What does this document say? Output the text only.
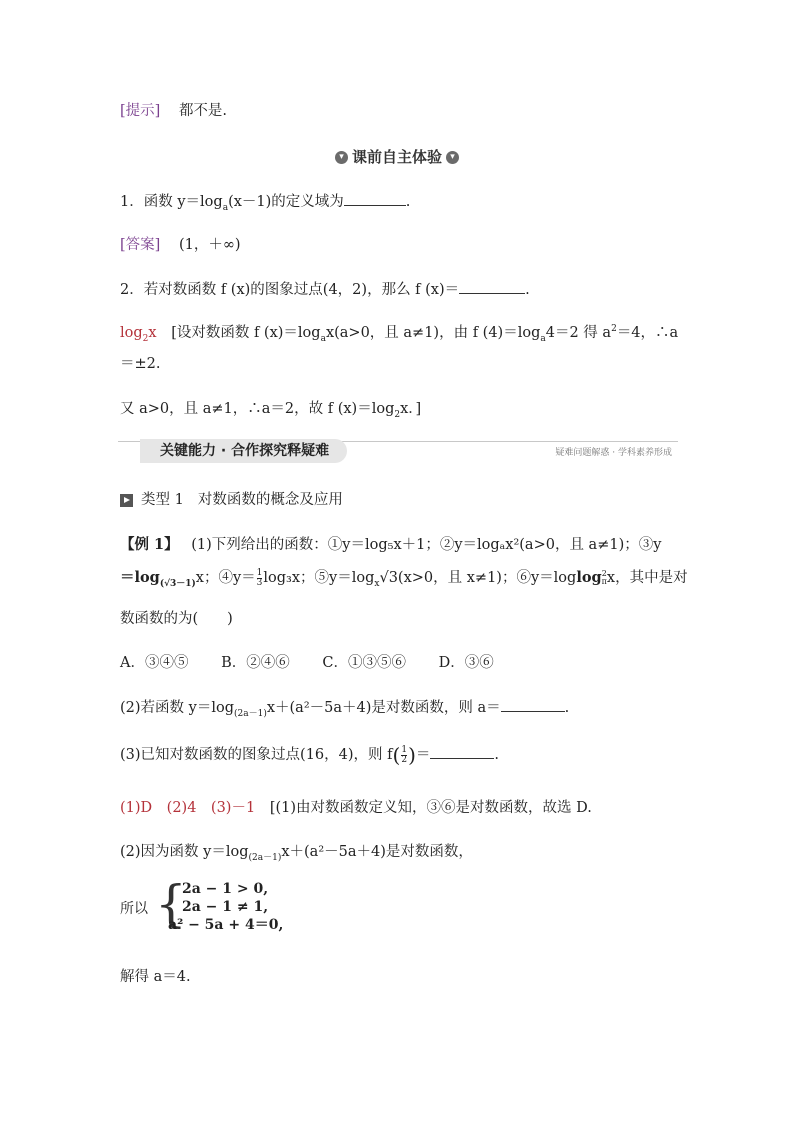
[提示] 都不是.
▾ 课前自主体验 ▾
1．函数 $y=\log_a(x-1)$的定义域为	.
[答案] (1，＋∞)
2．若对数函数 f (x)的图象过点(4，2)，那么 f (x)＝	.
$\log_2x$ [设对数函数 f $(x)=\log_ax(a>0$，且 a≠1)，由 f $(4)=\log_a4=2$ 得 $a^2=4$，∴a
＝±2.
又 a>0，且 a≠1，∴a＝2，故 f $(x)=\log_2x$．]
关键能力 · 合作探究释疑难	疑难问题解惑 · 学科素养形成
类型 1 对数函数的概念及应用
【例 1】 (1)下列给出的函数：①y＝log₅x＋1；②y＝logₐx²(a>0，且 a≠1)；③y
$=\log_{(√3-1)}x$；④y＝ $\frac{1}{3} \log_3x$；$⑤y=\log_x√3(x>0$，且 x≠1)；⑥y＝loglog 2
π x，其中是对
数函数的为(　　)
A．③④⑤ B．②④⑥ C．①③⑤⑥ D．③⑥
(2)若函数 $y=\log_{(2a-1)}x+(a^2-5a+4)$是对数函数，则 a＝	.
(3)已知对数函数的图象过点(16，4)，则 $f( \frac{1}{2}$ )＝	.
(1)D　(2)4　(3)－1 [(1)由对数函数定义知，③⑥是对数函数，故选 D.
(2)因为函数 $y=\log_{(2a-1)}x+(a^2-5a+4)$是对数函数，
所以 {
2a − 1 > 0,
2a − 1 ≠ 1,
a² − 5a + 4＝0,
解得 a＝4.
